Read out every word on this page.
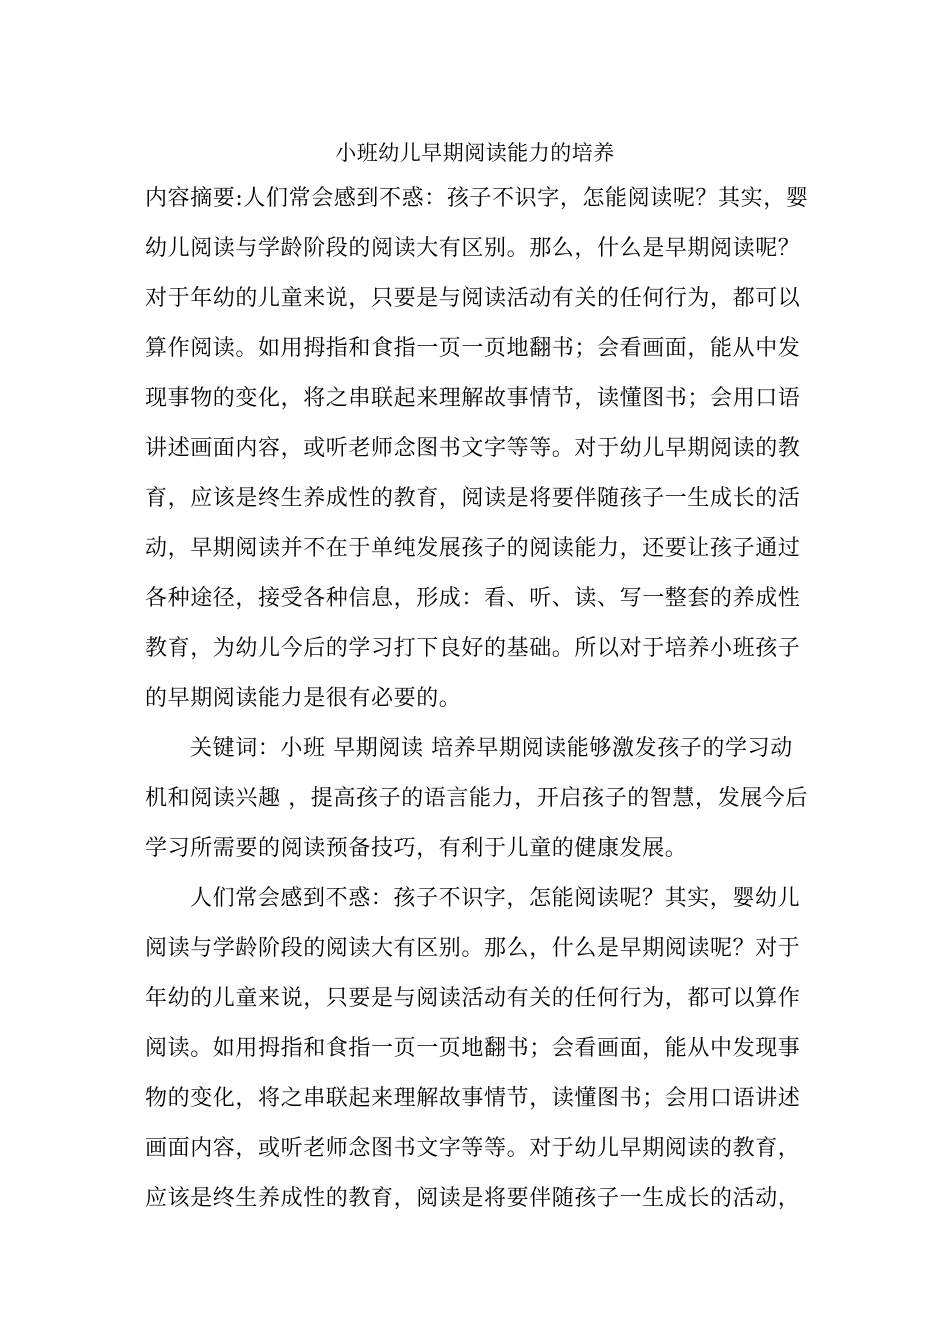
小班幼儿早期阅读能力的培养
内容摘要:人们常会感到不惑：孩子不识字，怎能阅读呢？其实，婴
幼儿阅读与学龄阶段的阅读大有区别。那么，什么是早期阅读呢？
对于年幼的儿童来说，只要是与阅读活动有关的任何行为，都可以
算作阅读。如用拇指和食指一页一页地翻书；会看画面，能从中发
现事物的变化，将之串联起来理解故事情节，读懂图书；会用口语
讲述画面内容，或听老师念图书文字等等。对于幼儿早期阅读的教
育，应该是终生养成性的教育，阅读是将要伴随孩子一生成长的活
动，早期阅读并不在于单纯发展孩子的阅读能力，还要让孩子通过
各种途径，接受各种信息，形成：看、听、读、写一整套的养成性
教育，为幼儿今后的学习打下良好的基础。所以对于培养小班孩子
的早期阅读能力是很有必要的。
关键词：小班 早期阅读 培养早期阅读能够激发孩子的学习动
机和阅读兴趣 ，提高孩子的语言能力，开启孩子的智慧，发展今后
学习所需要的阅读预备技巧，有利于儿童的健康发展。
人们常会感到不惑：孩子不识字，怎能阅读呢？其实，婴幼儿
阅读与学龄阶段的阅读大有区别。那么，什么是早期阅读呢？对于
年幼的儿童来说，只要是与阅读活动有关的任何行为，都可以算作
阅读。如用拇指和食指一页一页地翻书；会看画面，能从中发现事
物的变化，将之串联起来理解故事情节，读懂图书；会用口语讲述
画面内容，或听老师念图书文字等等。对于幼儿早期阅读的教育，
应该是终生养成性的教育，阅读是将要伴随孩子一生成长的活动，
